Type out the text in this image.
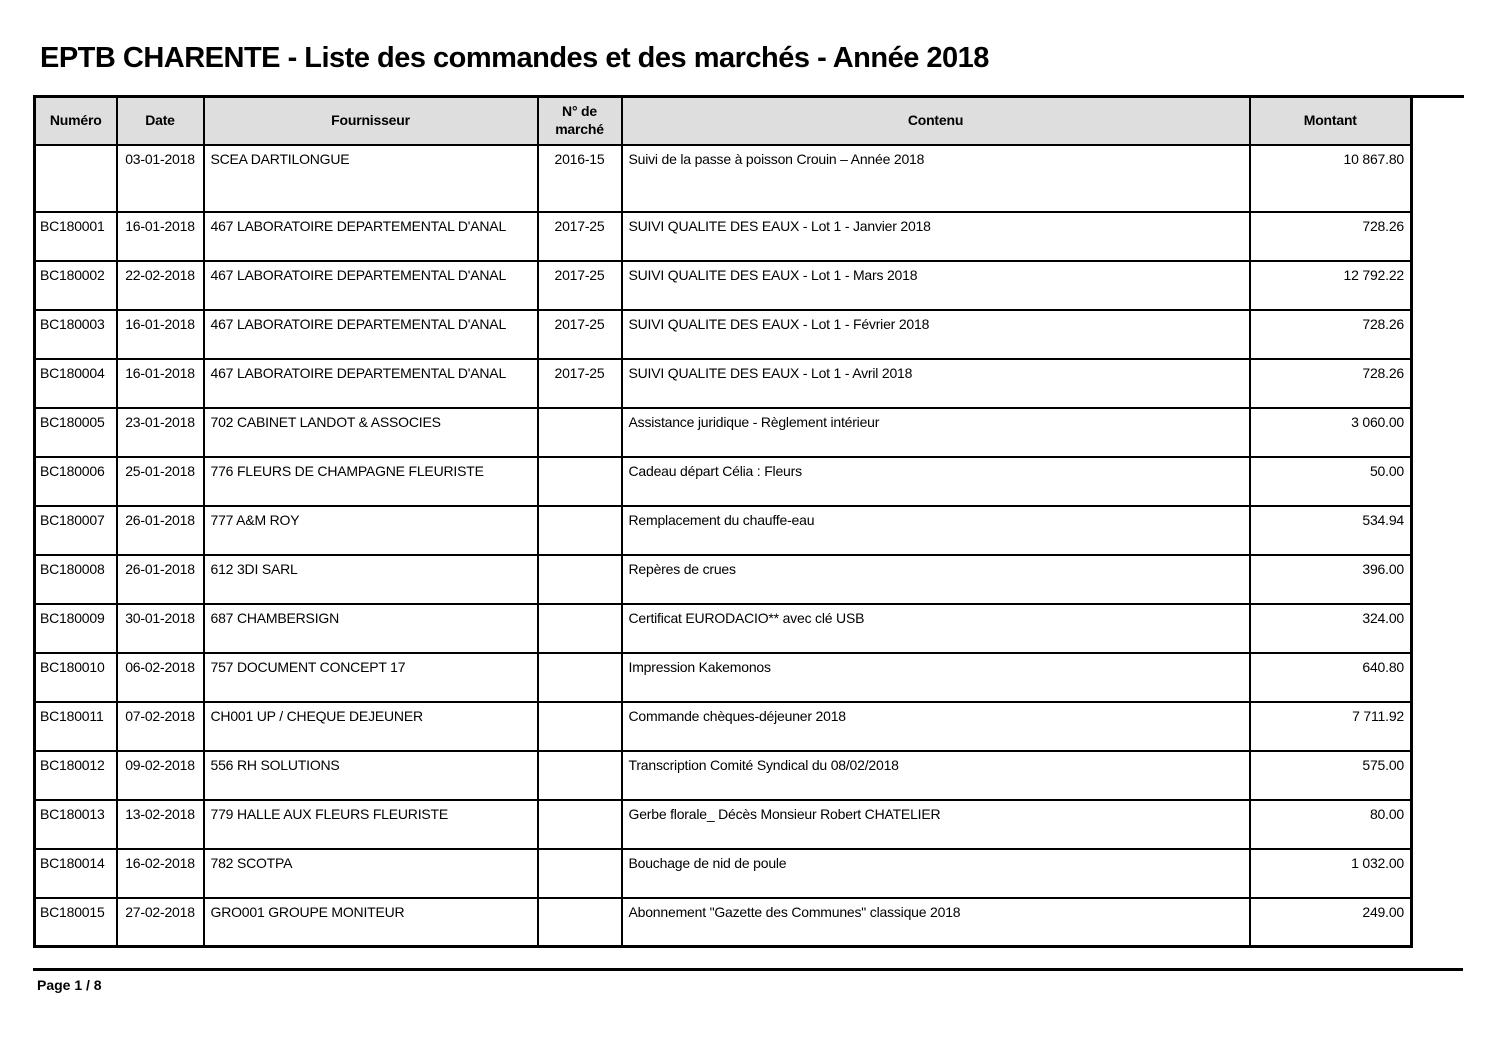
EPTB CHARENTE - Liste des commandes et des marchés - Année 2018
Numéro	Date	Fournisseur	N° de marché	Contenu	Montant
	03-01-2018	SCEA DARTILONGUE	2016-15	Suivi de la passe à poisson Crouin – Année 2018	10 867.80
BC180001	16-01-2018	467 LABORATOIRE DEPARTEMENTAL D'ANAL	2017-25	SUIVI QUALITE DES EAUX - Lot 1 - Janvier 2018	728.26
BC180002	22-02-2018	467 LABORATOIRE DEPARTEMENTAL D'ANAL	2017-25	SUIVI QUALITE DES EAUX - Lot 1 - Mars 2018	12 792.22
BC180003	16-01-2018	467 LABORATOIRE DEPARTEMENTAL D'ANAL	2017-25	SUIVI QUALITE DES EAUX - Lot 1 - Février 2018	728.26
BC180004	16-01-2018	467 LABORATOIRE DEPARTEMENTAL D'ANAL	2017-25	SUIVI QUALITE DES EAUX - Lot 1 - Avril 2018	728.26
BC180005	23-01-2018	702 CABINET LANDOT & ASSOCIES		Assistance juridique - Règlement intérieur	3 060.00
BC180006	25-01-2018	776 FLEURS DE CHAMPAGNE FLEURISTE		Cadeau départ Célia : Fleurs	50.00
BC180007	26-01-2018	777 A&M ROY		Remplacement du chauffe-eau	534.94
BC180008	26-01-2018	612 3DI SARL		Repères de crues	396.00
BC180009	30-01-2018	687 CHAMBERSIGN		Certificat EURODACIO** avec clé USB	324.00
BC180010	06-02-2018	757 DOCUMENT CONCEPT 17		Impression Kakemonos	640.80
BC180011	07-02-2018	CH001 UP / CHEQUE DEJEUNER		Commande chèques-déjeuner 2018	7 711.92
BC180012	09-02-2018	556 RH SOLUTIONS		Transcription Comité Syndical du 08/02/2018	575.00
BC180013	13-02-2018	779 HALLE AUX FLEURS FLEURISTE		Gerbe florale_ Décès Monsieur Robert CHATELIER	80.00
BC180014	16-02-2018	782 SCOTPA		Bouchage de nid de poule	1 032.00
BC180015	27-02-2018	GRO001 GROUPE MONITEUR		Abonnement "Gazette des Communes" classique 2018	249.00
Page 1 / 8
